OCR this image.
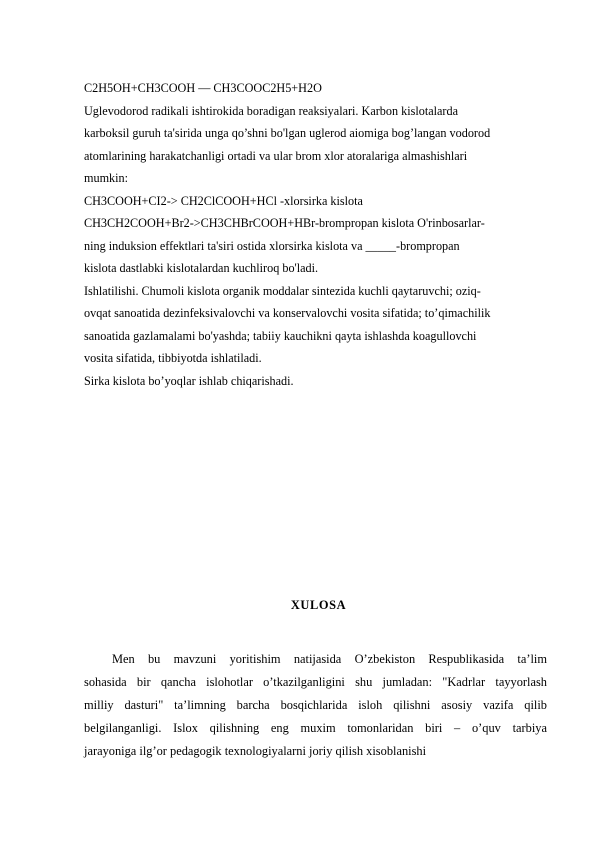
C2H5OH+CH3COOH — CH3COOC2H5+H2O
Uglevodorod radikali ishtirokida boradigan reaksiyalari. Karbon kislotalarda
karboksil guruh ta'sirida unga qo’shni bo'lgan uglerod aiomiga bog’langan vodorod
atomlarining harakatchanligi ortadi va ular brom xlor atoralariga almashishlari
mumkin:
CH3COOH+CI2-> CH2ClCOOH+HCl -xlorsirka kislota
CH3CH2COOH+Br2->CH3CHBrCOOH+HBr-brompropan kislota O'rinbosarlar-
ning induksion effektlari ta'siri ostida xlorsirka kislota va _____-brompropan
kislota dastlabki kislotalardan kuchliroq bo'ladi.
Ishlatilishi. Chumoli kislota organik moddalar sintezida kuchli qaytaruvchi; oziq-
ovqat sanoatida dezinfeksivalovchi va konservalovchi vosita sifatida; to’qimachilik
sanoatida gazlamalami bo'yashda; tabiiy kauchikni qayta ishlashda koagullovchi
vosita sifatida, tibbiyotda ishlatiladi.
Sirka kislota bo’yoqlar ishlab chiqarishadi.
XULOSA
Men bu mavzuni yoritishim natijasida O’zbekiston Respublikasida ta’lim
sohasida bir qancha islohotlar o’tkazilganligini shu jumladan: "Kadrlar tayyorlash
milliy dasturi" ta’limning barcha bosqichlarida isloh qilishni asosiy vazifa qilib
belgilanganligi. Islox qilishning eng muxim tomonlaridan biri – o’quv tarbiya
jarayoniga ilg’or pedagogik texnologiyalarni joriy qilish xisoblanishi
